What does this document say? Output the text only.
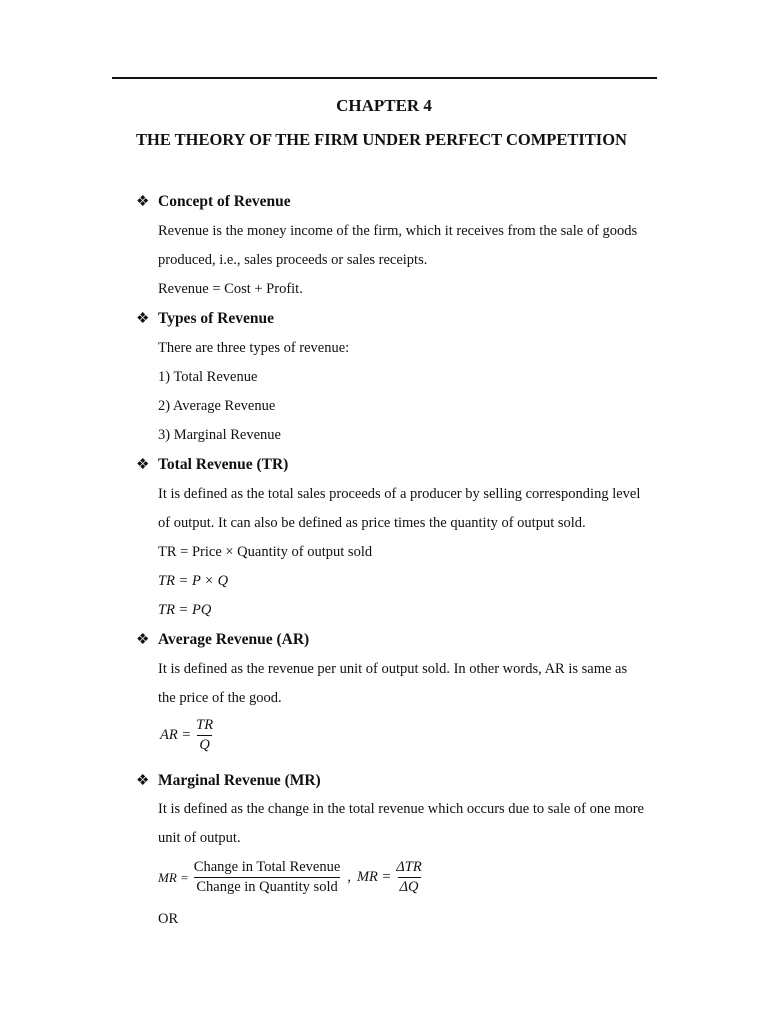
CHAPTER 4
THE THEORY OF THE FIRM UNDER PERFECT COMPETITION
❖ Concept of Revenue
Revenue is the money income of the firm, which it receives from the sale of goods
produced, i.e., sales proceeds or sales receipts.
Revenue = Cost + Profit.
❖ Types of Revenue
There are three types of revenue:
1) Total Revenue
2) Average Revenue
3) Marginal Revenue
❖ Total Revenue (TR)
It is defined as the total sales proceeds of a producer by selling corresponding level
of output. It can also be defined as price times the quantity of output sold.
TR = Price × Quantity of output sold
TR = P × Q
TR = PQ
❖ Average Revenue (AR)
It is defined as the revenue per unit of output sold. In other words, AR is same as
the price of the good.
AR = $\frac{TR}{Q}$
❖ Marginal Revenue (MR)
It is defined as the change in the total revenue which occurs due to sale of one more
unit of output.
MR = $\frac{\text{Change in Total Revenue}}{\text{Change in Quantity sold}}$ , MR = $\frac{\text{ΔTR}}{\Delta Q}$
OR
